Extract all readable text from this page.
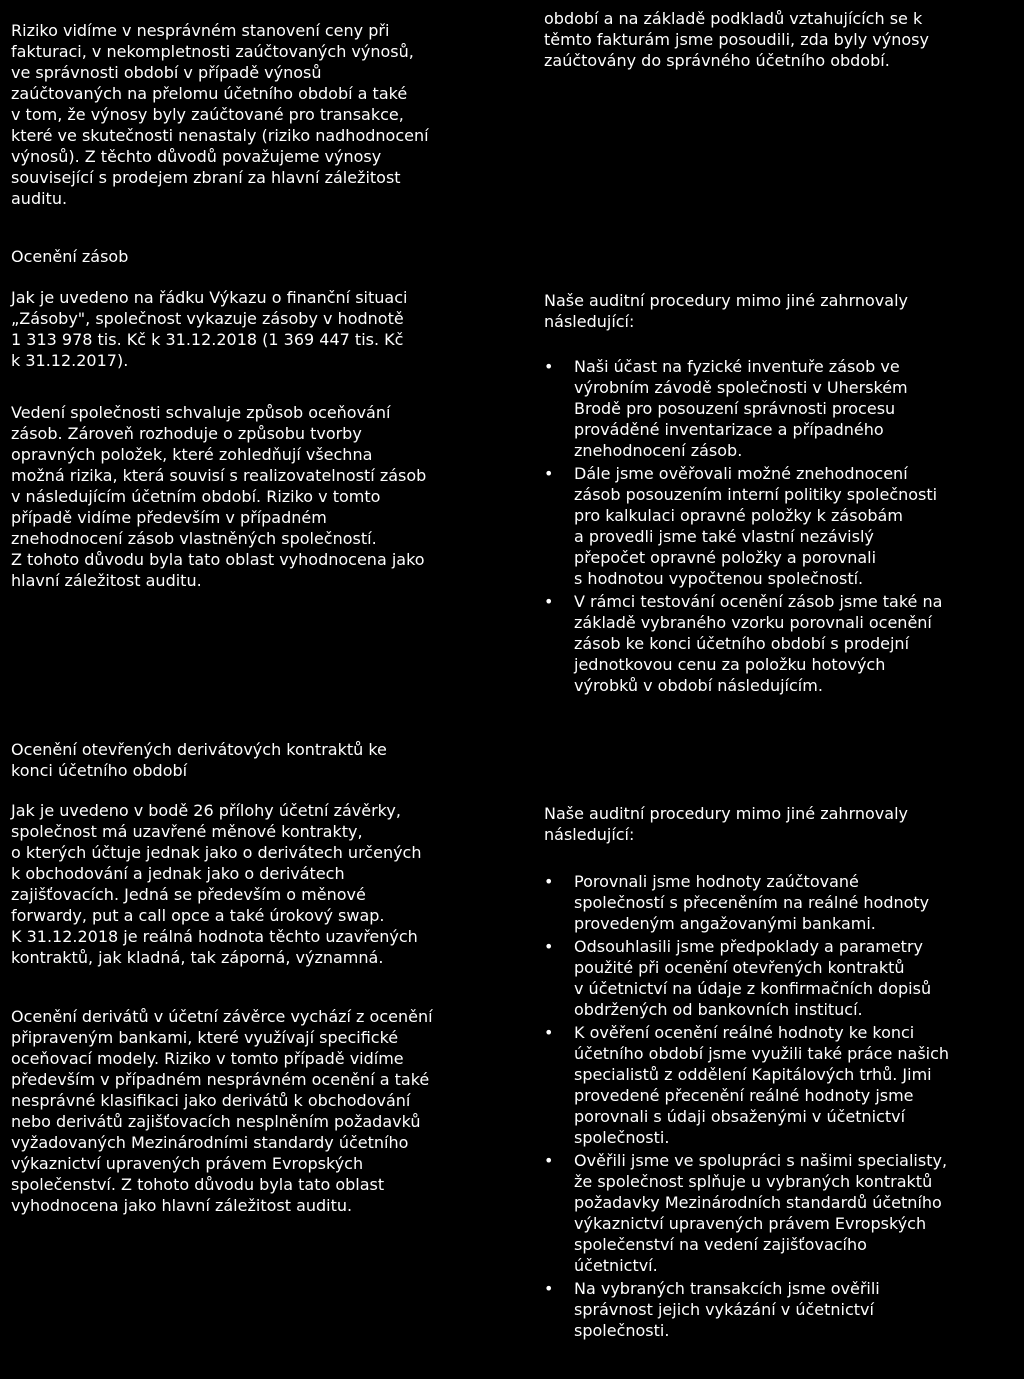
Riziko vidíme v nesprávném stanovení ceny při
fakturaci, v nekompletnosti zaúčtovaných výnosů,
ve správnosti období v případě výnosů
zaúčtovaných na přelomu účetního období a také
v tom, že výnosy byly zaúčtované pro transakce,
které ve skutečnosti nenastaly (riziko nadhodnocení
výnosů). Z těchto důvodů považujeme výnosy
související s prodejem zbraní za hlavní záležitost
auditu.

Ocenění zásob

Jak je uvedeno na řádku Výkazu o finanční situaci
„Zásoby", společnost vykazuje zásoby v hodnotě
1 313 978 tis. Kč k 31.12.2018 (1 369 447 tis. Kč
k 31.12.2017).

Vedení společnosti schvaluje způsob oceňování
zásob. Zároveň rozhoduje o způsobu tvorby
opravných položek, které zohledňují všechna
možná rizika, která souvisí s realizovatelností zásob
v následujícím účetním období. Riziko v tomto
případě vidíme především v případném
znehodnocení zásob vlastněných společností.
Z tohoto důvodu byla tato oblast vyhodnocena jako
hlavní záležitost auditu.

Ocenění otevřených derivátových kontraktů ke
konci účetního období

Jak je uvedeno v bodě 26 přílohy účetní závěrky,
společnost má uzavřené měnové kontrakty,
o kterých účtuje jednak jako o derivátech určených
k obchodování a jednak jako o derivátech
zajišťovacích. Jedná se především o měnové
forwardy, put a call opce a také úrokový swap.
K 31.12.2018 je reálná hodnota těchto uzavřených
kontraktů, jak kladná, tak záporná, významná.

Ocenění derivátů v účetní závěrce vychází z ocenění
připraveným bankami, které využívají specifické
oceňovací modely. Riziko v tomto případě vidíme
především v případném nesprávném ocenění a také
nesprávné klasifikaci jako derivátů k obchodování
nebo derivátů zajišťovacích nesplněním požadavků
vyžadovaných Mezinárodními standardy účetního
výkaznictví upravených právem Evropských
společenství. Z tohoto důvodu byla tato oblast
vyhodnocena jako hlavní záležitost auditu.

období a na základě podkladů vztahujících se k
těmto fakturám jsme posoudili, zda byly výnosy
zaúčtovány do správného účetního období.

Naše auditní procedury mimo jiné zahrnovaly
následující:

• Naši účast na fyzické inventuře zásob ve
výrobním závodě společnosti v Uherském
Brodě pro posouzení správnosti procesu
prováděné inventarizace a případného
znehodnocení zásob.
• Dále jsme ověřovali možné znehodnocení
zásob posouzením interní politiky společnosti
pro kalkulaci opravné položky k zásobám
a provedli jsme také vlastní nezávislý
přepočet opravné položky a porovnali
s hodnotou vypočtenou společností.
• V rámci testování ocenění zásob jsme také na
základě vybraného vzorku porovnali ocenění
zásob ke konci účetního období s prodejní
jednotkovou cenu za položku hotových
výrobků v období následujícím.

Naše auditní procedury mimo jiné zahrnovaly
následující:

• Porovnali jsme hodnoty zaúčtované
společností s přeceněním na reálné hodnoty
provedeným angažovanými bankami.
• Odsouhlasili jsme předpoklady a parametry
použité při ocenění otevřených kontraktů
v účetnictví na údaje z konfirmačních dopisů
obdržených od bankovních institucí.
• K ověření ocenění reálné hodnoty ke konci
účetního období jsme využili také práce našich
specialistů z oddělení Kapitálových trhů. Jimi
provedené přecenění reálné hodnoty jsme
porovnali s údaji obsaženými v účetnictví
společnosti.
• Ověřili jsme ve spolupráci s našimi specialisty,
že společnost splňuje u vybraných kontraktů
požadavky Mezinárodních standardů účetního
výkaznictví upravených právem Evropských
společenství na vedení zajišťovacího
účetnictví.
• Na vybraných transakcích jsme ověřili
správnost jejich vykázání v účetnictví
společnosti.
